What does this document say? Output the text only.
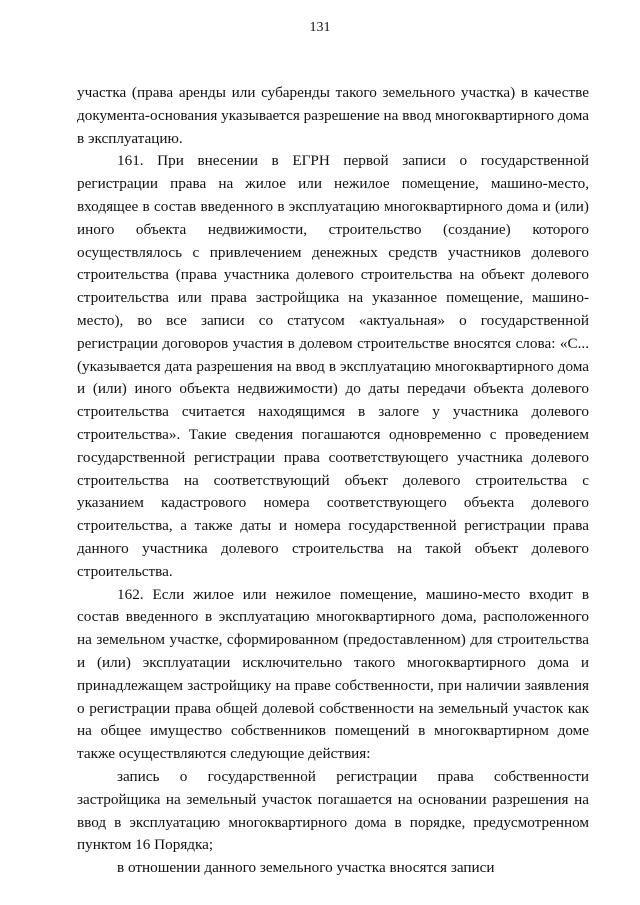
131

участка (права аренды или субаренды такого земельного участка) в качестве документа-основания указывается разрешение на ввод многоквартирного дома в эксплуатацию.

161. При внесении в ЕГРН первой записи о государственной регистрации права на жилое или нежилое помещение, машино-место, входящее в состав введенного в эксплуатацию многоквартирного дома и (или) иного объекта недвижимости, строительство (создание) которого осуществлялось с привлечением денежных средств участников долевого строительства (права участника долевого строительства на объект долевого строительства или права застройщика на указанное помещение, машино-место), во все записи со статусом «актуальная» о государственной регистрации договоров участия в долевом строительстве вносятся слова: «С... (указывается дата разрешения на ввод в эксплуатацию многоквартирного дома и (или) иного объекта недвижимости) до даты передачи объекта долевого строительства считается находящимся в залоге у участника долевого строительства». Такие сведения погашаются одновременно с проведением государственной регистрации права соответствующего участника долевого строительства на соответствующий объект долевого строительства с указанием кадастрового номера соответствующего объекта долевого строительства, а также даты и номера государственной регистрации права данного участника долевого строительства на такой объект долевого строительства.

162. Если жилое или нежилое помещение, машино-место входит в состав введенного в эксплуатацию многоквартирного дома, расположенного на земельном участке, сформированном (предоставленном) для строительства и (или) эксплуатации исключительно такого многоквартирного дома и принадлежащем застройщику на праве собственности, при наличии заявления о регистрации права общей долевой собственности на земельный участок как на общее имущество собственников помещений в многоквартирном доме также осуществляются следующие действия:

запись о государственной регистрации права собственности застройщика на земельный участок погашается на основании разрешения на ввод в эксплуатацию многоквартирного дома в порядке, предусмотренном пунктом 16 Порядка;

в отношении данного земельного участка вносятся записи
